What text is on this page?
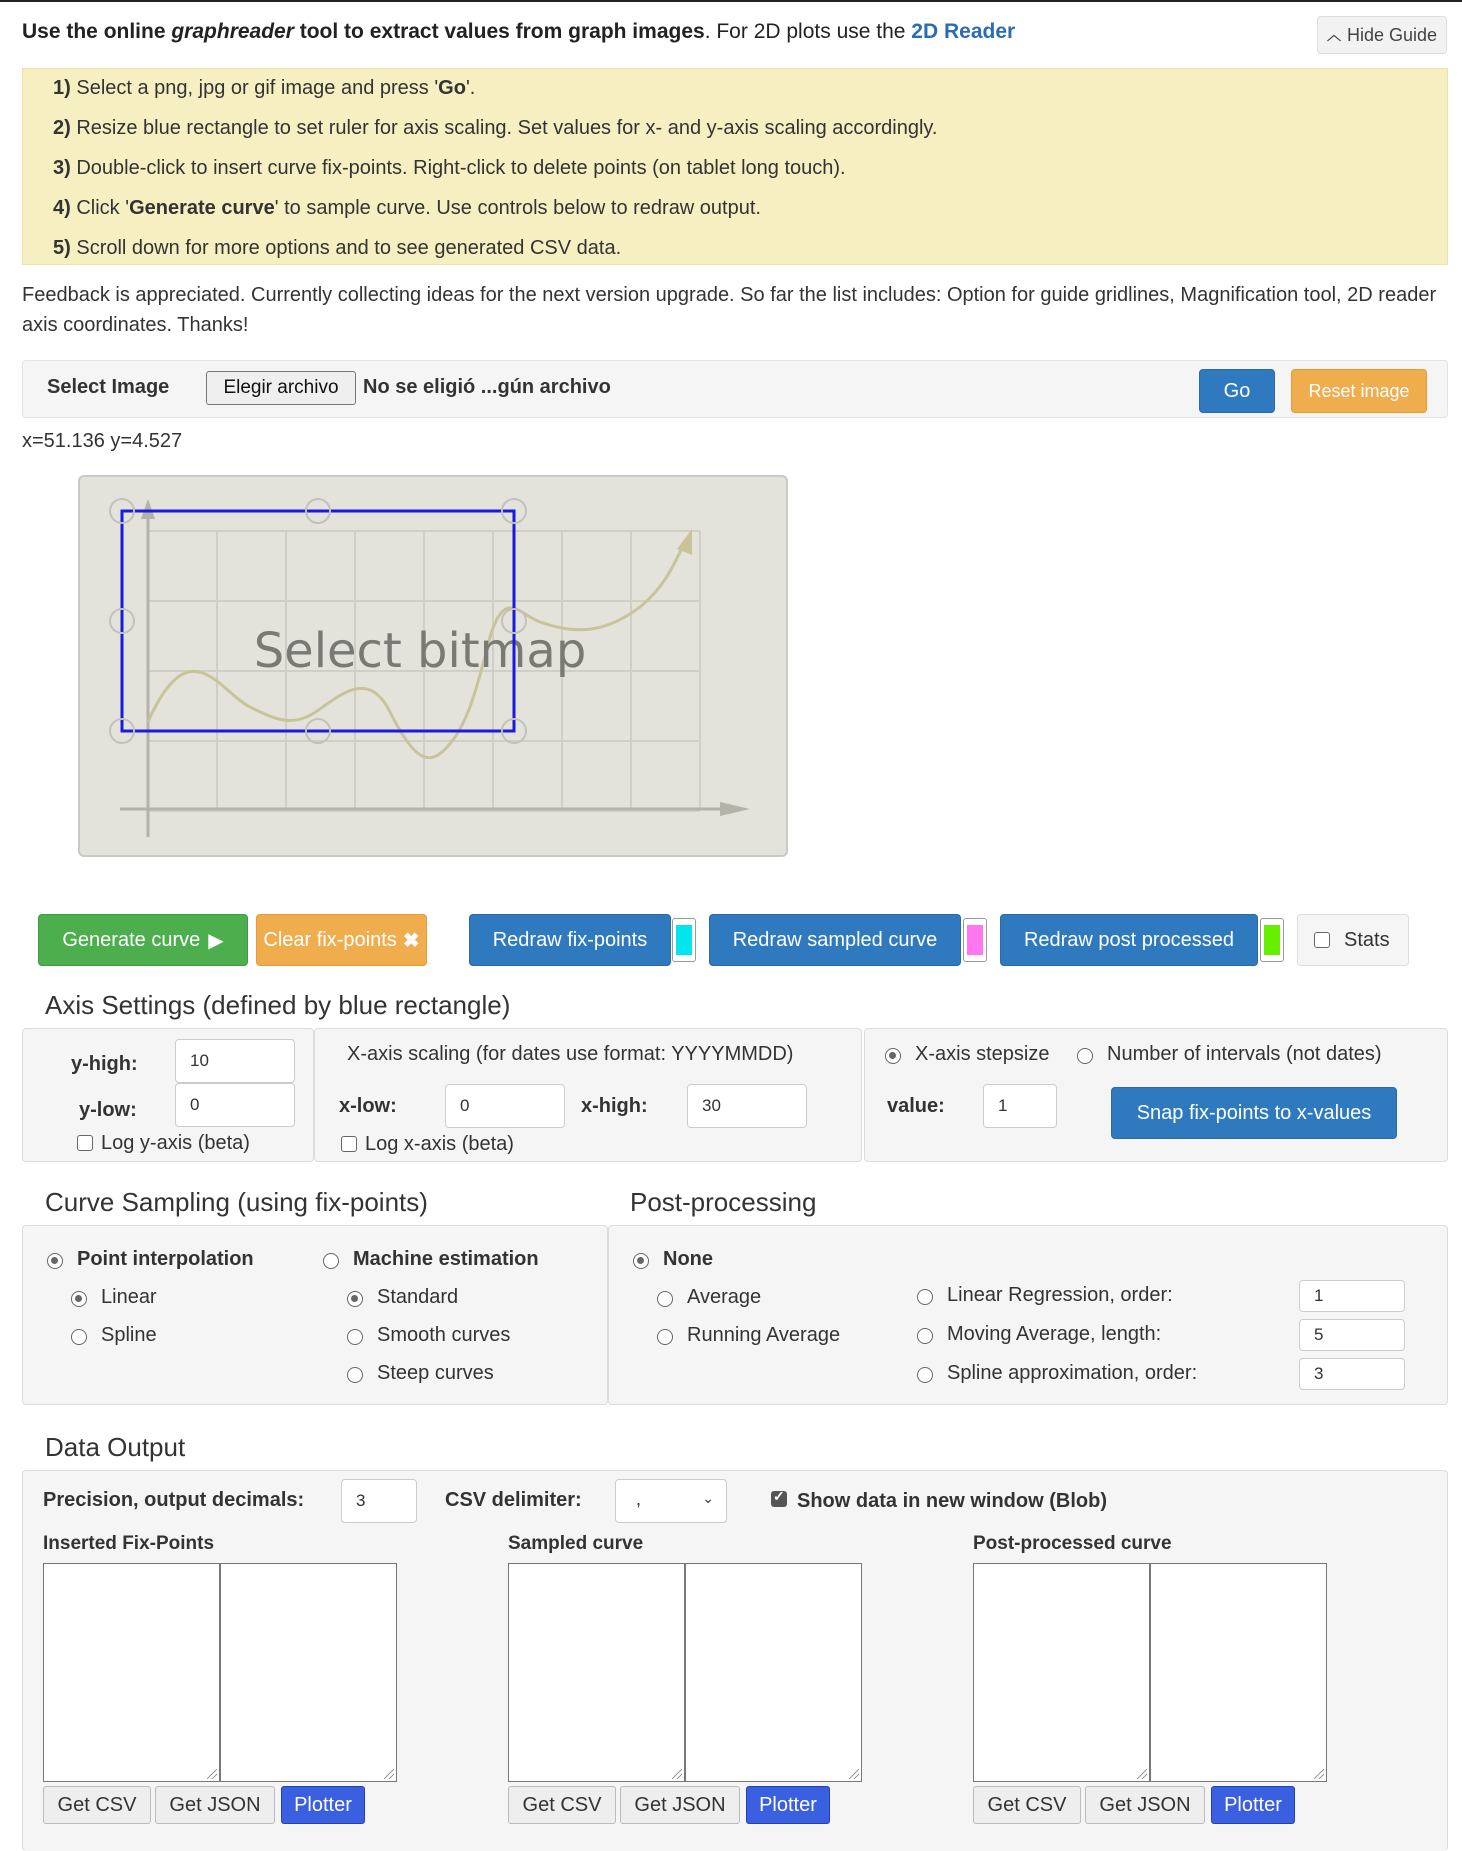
Use the online graphreader tool to extract values from graph images. For 2D plots use the 2D Reader	︿ Hide Guide
1) Select a png, jpg or gif image and press 'Go'.
2) Resize blue rectangle to set ruler for axis scaling. Set values for x- and y-axis scaling accordingly.
3) Double-click to insert curve fix-points. Right-click to delete points (on tablet long touch).
4) Click 'Generate curve' to sample curve. Use controls below to redraw output.
5) Scroll down for more options and to see generated CSV data.
Feedback is appreciated. Currently collecting ideas for the next version upgrade. So far the list includes: Option for guide gridlines, Magnification tool, 2D reader axis coordinates. Thanks!
Select Image	Elegir archivo	No se eligió ...gún archivo	Go	Reset image
x=51.136 y=4.527
Select bitmap
Generate curve ▶ Clear fix-points ✖	Redraw fix-points	Redraw sampled curve	Redraw post processed	Stats
Axis Settings (defined by blue rectangle)
y-high:	10
y-low:	0
Log y-axis (beta)
X-axis scaling (for dates use format: YYYYMMDD)
x-low:	0	x-high:	30
Log x-axis (beta)
X-axis stepsize	Number of intervals (not dates)
value:	1	Snap fix-points to x-values
Curve Sampling (using fix-points)
Point interpolation	Machine estimation
Linear
Spline
Standard
Smooth curves
Steep curves
Post-processing
None
Average
Running Average
Linear Regression, order:	1
Moving Average, length:	5
Spline approximation, order:	3
Data Output
Precision, output decimals:	3	CSV delimiter:	,	⌄ ✓	Show data in new window (Blob)
Inserted Fix-Points
Get CSV	Get JSON	Plotter
Sampled curve
Get CSV	Get JSON	Plotter
Post-processed curve
Get CSV	Get JSON	Plotter
